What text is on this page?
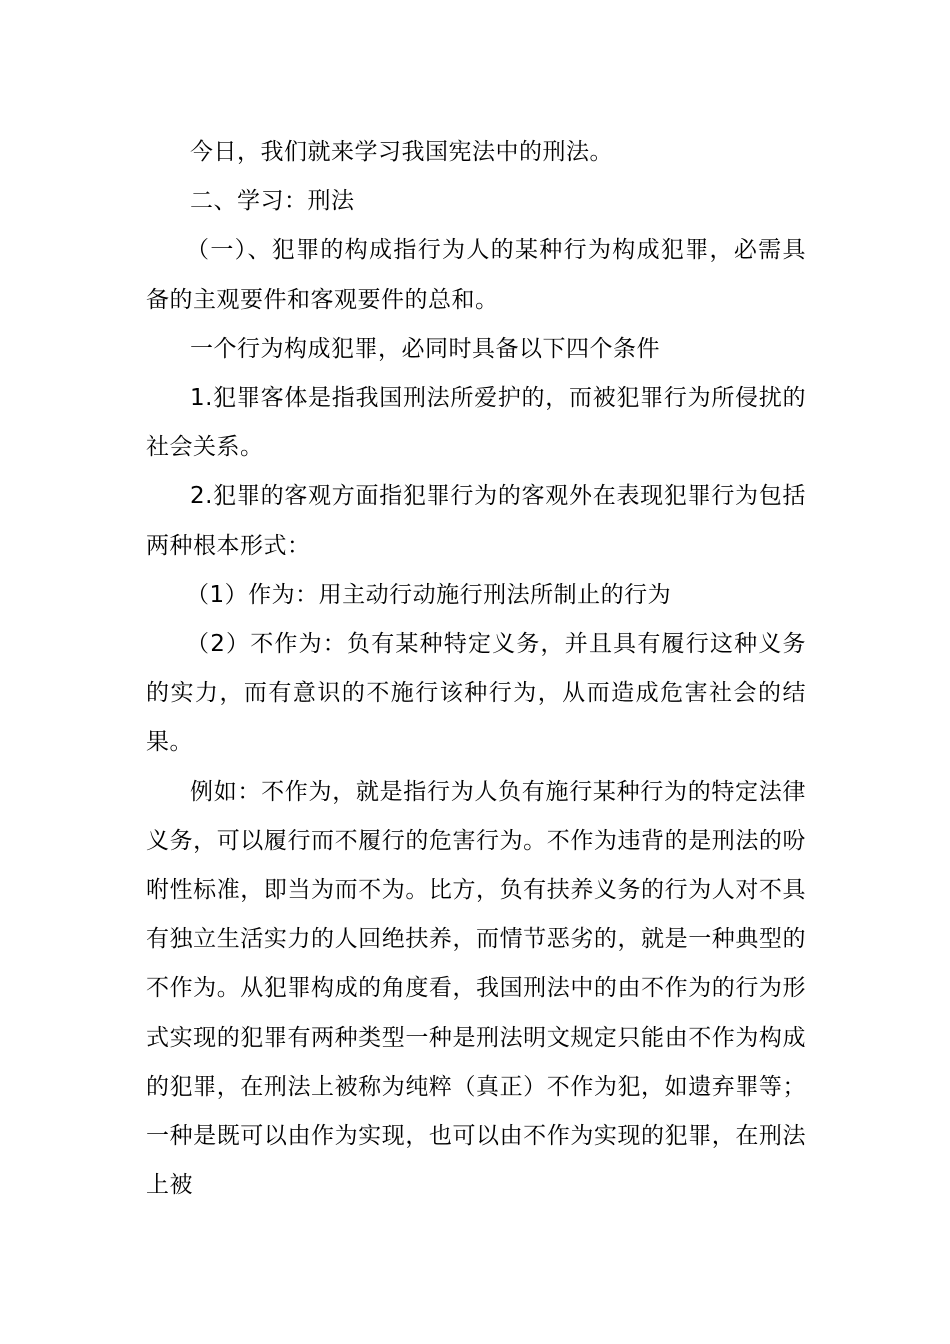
今日，我们就来学习我国宪法中的刑法。

二、学习：刑法

（一）、犯罪的构成指行为人的某种行为构成犯罪，必需具备的主观要件和客观要件的总和。

一个行为构成犯罪，必同时具备以下四个条件

1.犯罪客体是指我国刑法所爱护的，而被犯罪行为所侵扰的社会关系。

2.犯罪的客观方面指犯罪行为的客观外在表现犯罪行为包括两种根本形式：

（1）作为：用主动行动施行刑法所制止的行为

（2）不作为：负有某种特定义务，并且具有履行这种义务的实力，而有意识的不施行该种行为，从而造成危害社会的结果。

例如：不作为，就是指行为人负有施行某种行为的特定法律义务，可以履行而不履行的危害行为。不作为违背的是刑法的吩咐性标准，即当为而不为。比方，负有扶养义务的行为人对不具有独立生活实力的人回绝扶养，而情节恶劣的，就是一种典型的不作为。从犯罪构成的角度看，我国刑法中的由不作为的行为形式实现的犯罪有两种类型一种是刑法明文规定只能由不作为构成的犯罪，在刑法上被称为纯粹（真正）不作为犯，如遗弃罪等；一种是既可以由作为实现，也可以由不作为实现的犯罪，在刑法上被
